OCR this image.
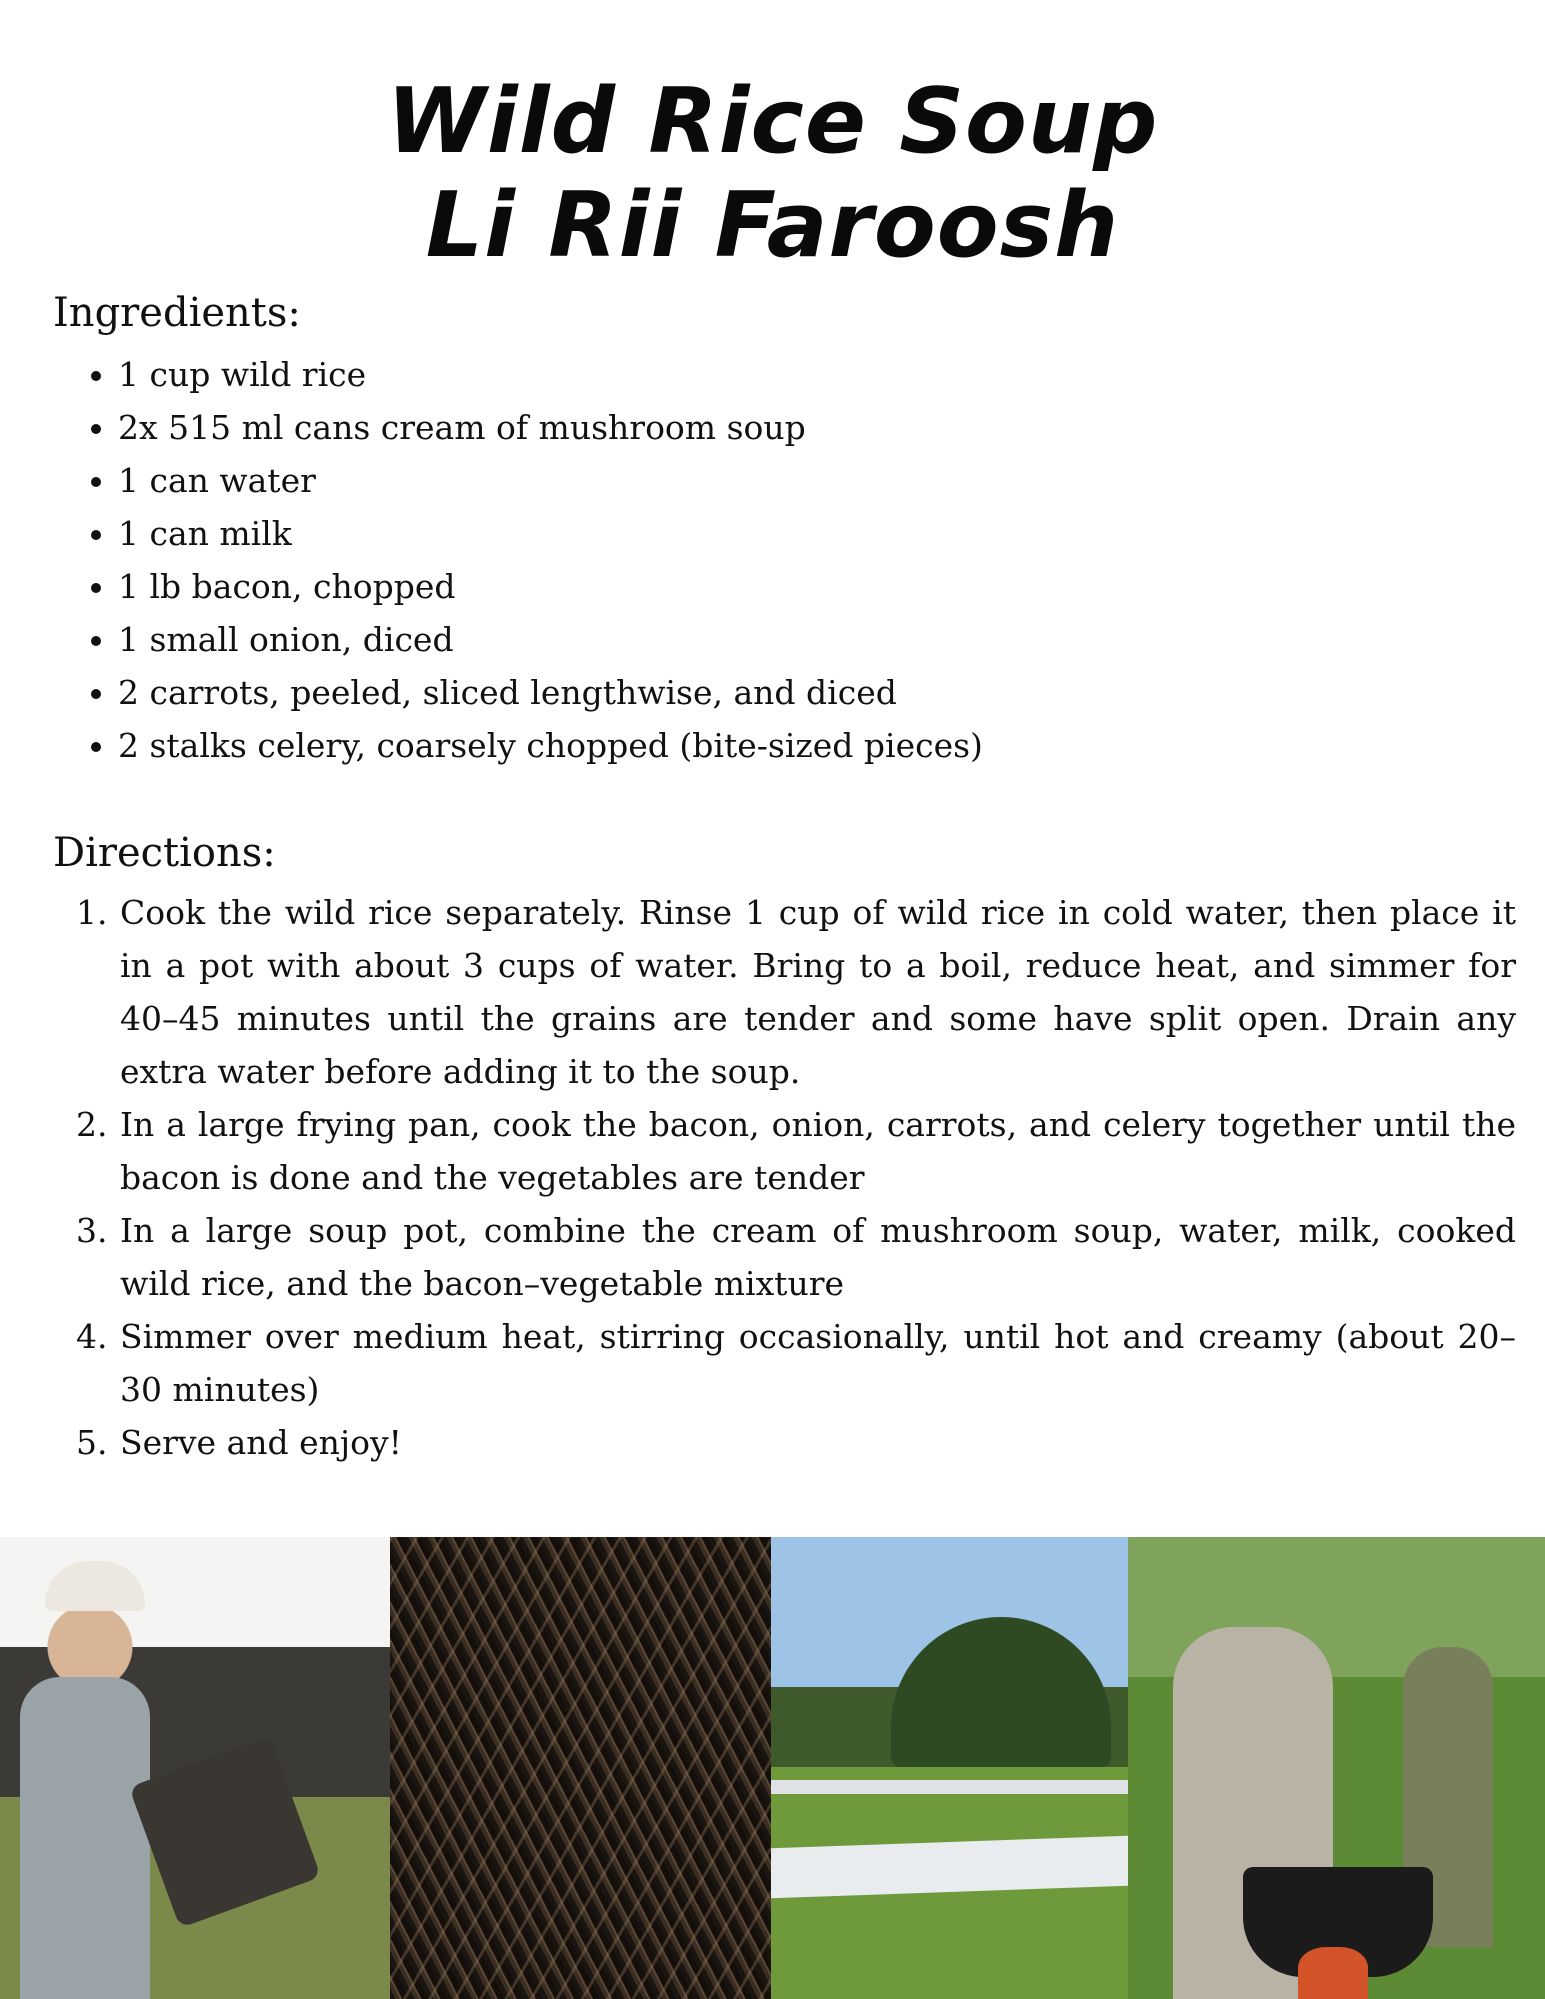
Wild Rice Soup
Li Rii Faroosh
Ingredients:
• 1 cup wild rice
• 2x 515 ml cans cream of mushroom soup
• 1 can water
• 1 can milk
• 1 lb bacon, chopped
• 1 small onion, diced
• 2 carrots, peeled, sliced lengthwise, and diced
• 2 stalks celery, coarsely chopped (bite-sized pieces)
Directions:
1. Cook the wild rice separately. Rinse 1 cup of wild rice in cold water, then place it in a pot with about 3 cups of water. Bring to a boil, reduce heat, and simmer for 40–45 minutes until the grains are tender and some have split open. Drain any extra water before adding it to the soup.
2. In a large frying pan, cook the bacon, onion, carrots, and celery together until the bacon is done and the vegetables are tender
3. In a large soup pot, combine the cream of mushroom soup, water, milk, cooked wild rice, and the bacon–vegetable mixture
4. Simmer over medium heat, stirring occasionally, until hot and creamy (about 20–30 minutes)
5. Serve and enjoy!
